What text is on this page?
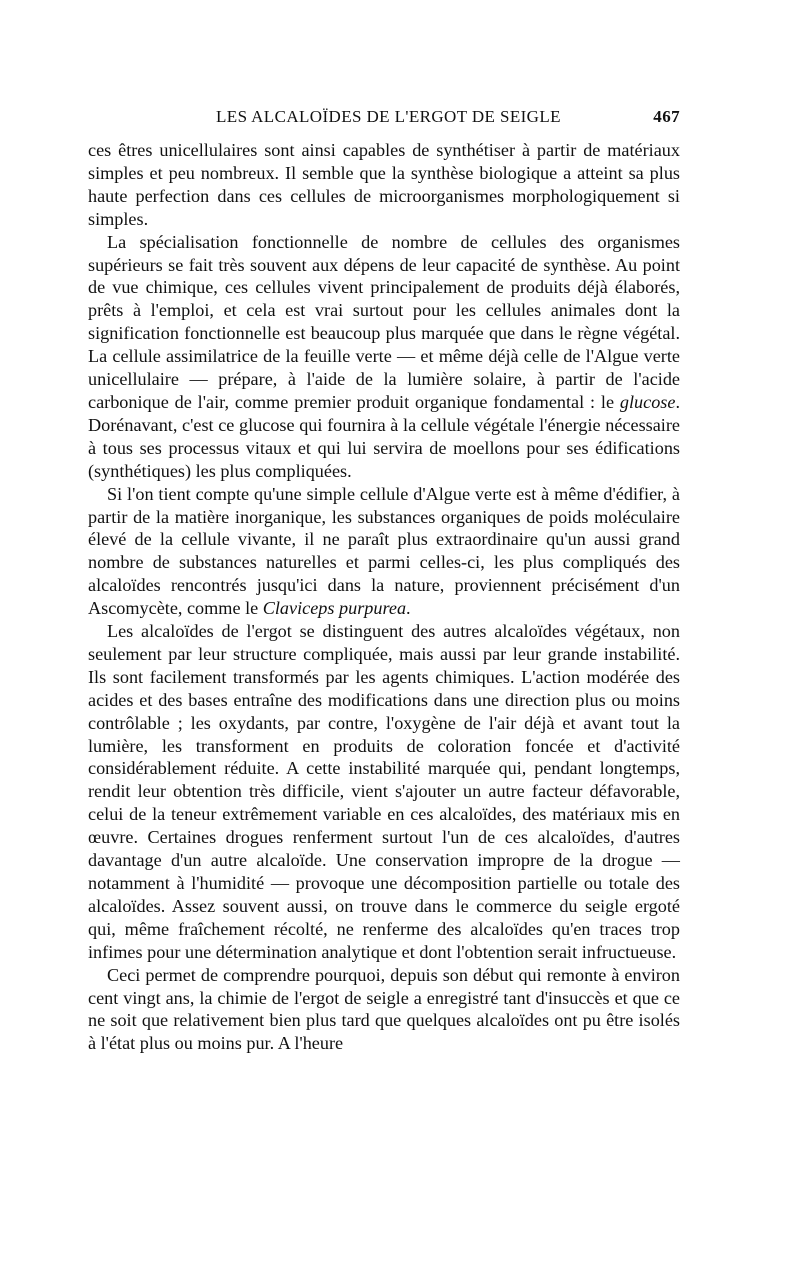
LES ALCALOÏDES DE L'ERGOT DE SEIGLE	467

ces êtres unicellulaires sont ainsi capables de synthétiser à partir de matériaux simples et peu nombreux. Il semble que la synthèse biologique a atteint sa plus haute perfection dans ces cellules de microorganismes morphologiquement si simples.

La spécialisation fonctionnelle de nombre de cellules des organismes supérieurs se fait très souvent aux dépens de leur capacité de synthèse. Au point de vue chimique, ces cellules vivent principalement de produits déjà élaborés, prêts à l'emploi, et cela est vrai surtout pour les cellules animales dont la signification fonctionnelle est beaucoup plus marquée que dans le règne végétal. La cellule assimilatrice de la feuille verte — et même déjà celle de l'Algue verte unicellulaire — prépare, à l'aide de la lumière solaire, à partir de l'acide carbonique de l'air, comme premier produit organique fondamental : le glucose. Dorénavant, c'est ce glucose qui fournira à la cellule végétale l'énergie nécessaire à tous ses processus vitaux et qui lui servira de moellons pour ses édifications (synthétiques) les plus compliquées.

Si l'on tient compte qu'une simple cellule d'Algue verte est à même d'édifier, à partir de la matière inorganique, les substances organiques de poids moléculaire élevé de la cellule vivante, il ne paraît plus extraordinaire qu'un aussi grand nombre de substances naturelles et parmi celles-ci, les plus compliqués des alcaloïdes rencontrés jusqu'ici dans la nature, proviennent précisément d'un Ascomycète, comme le Claviceps purpurea.

Les alcaloïdes de l'ergot se distinguent des autres alcaloïdes végétaux, non seulement par leur structure compliquée, mais aussi par leur grande instabilité. Ils sont facilement transformés par les agents chimiques. L'action modérée des acides et des bases entraîne des modifications dans une direction plus ou moins contrôlable ; les oxydants, par contre, l'oxygène de l'air déjà et avant tout la lumière, les transforment en produits de coloration foncée et d'activité considérablement réduite. A cette instabilité marquée qui, pendant longtemps, rendit leur obtention très difficile, vient s'ajouter un autre facteur défavorable, celui de la teneur extrêmement variable en ces alcaloïdes, des matériaux mis en œuvre. Certaines drogues renferment surtout l'un de ces alcaloïdes, d'autres davantage d'un autre alcaloïde. Une conservation impropre de la drogue — notamment à l'humidité — provoque une décomposition partielle ou totale des alcaloïdes. Assez souvent aussi, on trouve dans le commerce du seigle ergoté qui, même fraîchement récolté, ne renferme des alcaloïdes qu'en traces trop infimes pour une détermination analytique et dont l'obtention serait infructueuse.

Ceci permet de comprendre pourquoi, depuis son début qui remonte à environ cent vingt ans, la chimie de l'ergot de seigle a enregistré tant d'insuccès et que ce ne soit que relativement bien plus tard que quelques alcaloïdes ont pu être isolés à l'état plus ou moins pur. A l'heure
